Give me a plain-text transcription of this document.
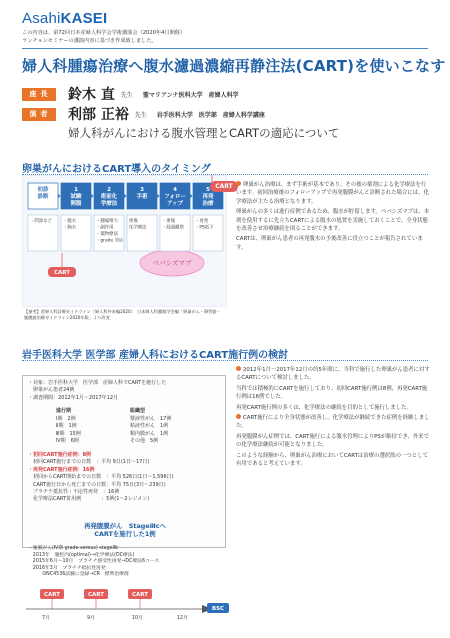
AsahiKASEI
この内容は、第72回日本産婦人科学会学術講演会（2020年4月開催）
ランチョンセミナーの講演内容に基づき作成致しました。
婦人科腫瘍治療へ腹水濾過濃縮再静注法(CART)を使いこなす
座長	鈴木 直 先生 聖マリアンナ医科大学　産婦人科学
演者	利部 正裕 先生 岩手医科大学　医学部　産婦人科学講座
婦人科がんにおける腹水管理とCARTの適応について
卵巣がんにおけるCART導入のタイミング
ベバシズマブ
初診
診断
・問診など
1
試験
開腹
・腹水
・胸水
2
術前化
学療法
・腫瘍増大
・副作用
・薬物療法
・grade 対応
3
手術
術後
化学療法
4
フォロー
アップ
・術後
・経過観察
5
再発
治療
・再発
・PS低下
CART
CART
【参考】産婦人科診療ガイドライン（婦人科外来編2020）　日本婦人科腫瘍学会編「卵巣がん・卵管癌・腹膜癌治療ガイドライン2020年版」より改変

卵巣がん治療は、まず手術が基本であり、その後の薬剤による化学療法を行います。初回治療後のフォローアップで再発腹膜がんと診断された場合には、化学療法が主たる治療となります。

卵巣がんの多くは進行症例であるため、腹水が貯留します。ベバシズマブは、本剤を使用するに先立ちCARTによる腹水の処置を実施しておくことで、全身状態を改善させ治療継続を図ることができます。

CARTは、卵巣がん患者の再発腹水の予後改善に役立つことが報告されています。

岩手医科大学 医学部 産婦人科におけるCART施行例の検討
・対象：岩手医科大学　医学部　産婦人科でCARTを施行した
　卵巣がん患者24例
・調査期間：2012年1月〜2017年12月
進行期
Ⅰ期　2例
Ⅱ期　1例
Ⅲ期　15例
Ⅳ期　6例
組織型
漿液性がん　17例
粘液性がん　1例
類内膜がん　1例
その他　5例
・初回CART施行症例：8例
　初回CART施行までの日数　：平均 9日(1日〜17日)
・再発CART施行症例：16例
　初回からCART開始までの日数　：平均 526日(1日〜1,596日)
　CART施行日から死亡までの日数：平均 75日(3日〜239日)
　プラチナ抵抗性・不応性再発　：16例
　化学療法CART併用例　　　　：5例(1〜2レジメン)
再発腹膜がん　StageⅢcへ
CARTを施行した1例
・腹膜がん(Ⅳ期 grade serous) stageⅢc
　2013年　腹腔内(optimal)→化学療法(DC療法)
　2015年6月〜10月　プラチナ感受性再発→DC療法6コース
　2016年3月　プラチナ抵抗性再発
　　　ONC4536試験に登録→CR　標準治療群
CART	CART	CART
BSC
7月	9月	10月	12月

2012年1月〜2017年12月の約5年間に、当科で施行した卵巣がん患者に対するCARTについて検討しました。

当科では積極的にCARTを施行しており、初回CART施行例は8例、再発CART施行例は16例でした。

再発CART施行例の多くは、化学療法の継続を目的として施行しました。

CART施行により全身状態が改善し、化学療法が継続できた症例を経験しました。

再発腹膜がん症例では、CART施行による腹水管理によりPSが維持でき、外来での化学療法継続が可能となりました。

このような経験から、卵巣がん治療においてCARTは治療の選択肢の一つとして有用であると考えています。
